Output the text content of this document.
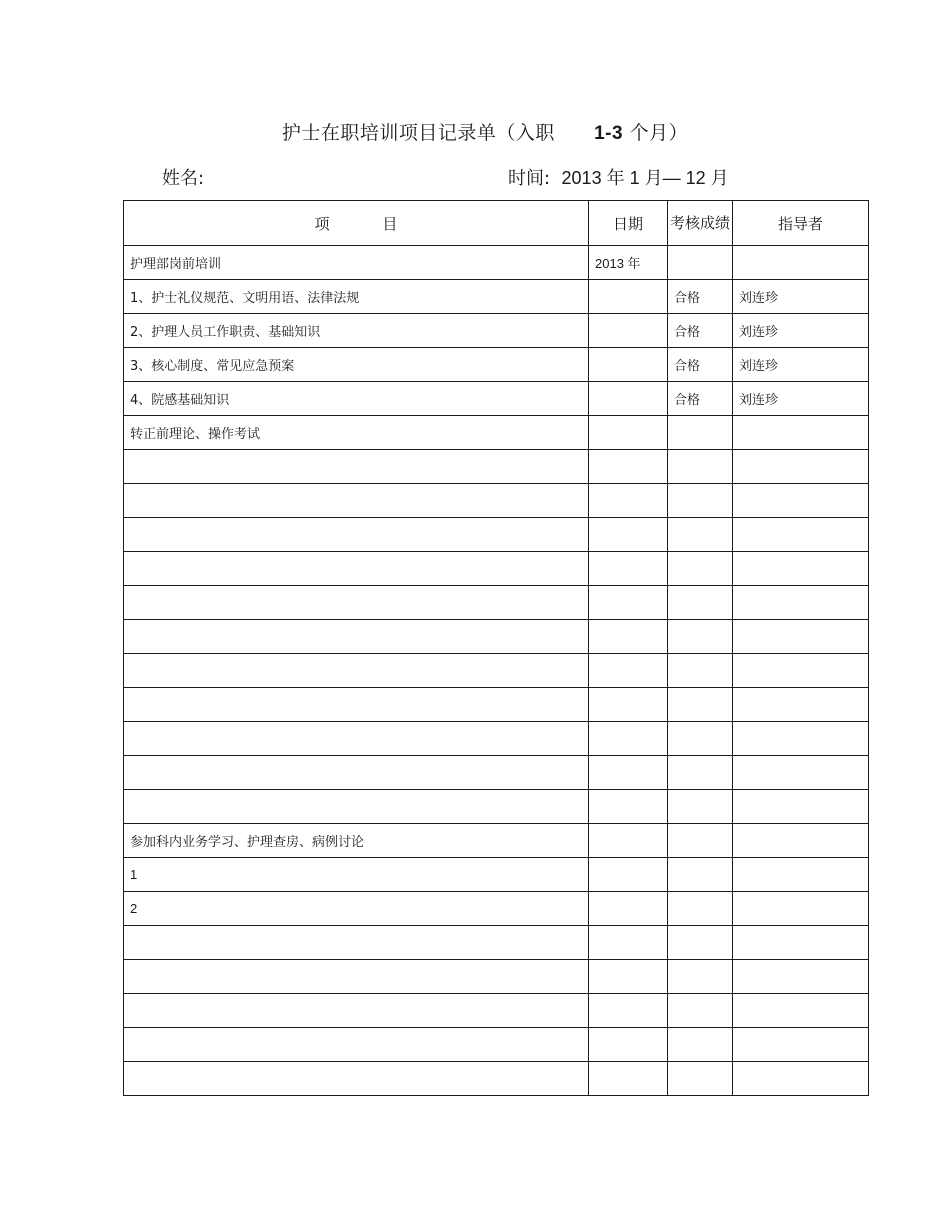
护士在职培训项目记录单（入职 1-3 个月）
姓名:	时间: 2013 年 1 月— 12 月
项 目	日期	考核成绩	指导者
护理部岗前培训	2013 年		
1、护士礼仪规范、文明用语、法律法规		合格	刘连珍
2、护理人员工作职责、基础知识		合格	刘连珍
3、核心制度、常见应急预案		合格	刘连珍
4、院感基础知识		合格	刘连珍
转正前理论、操作考试			

参加科内业务学习、护理查房、病例讨论			
1			
2			
